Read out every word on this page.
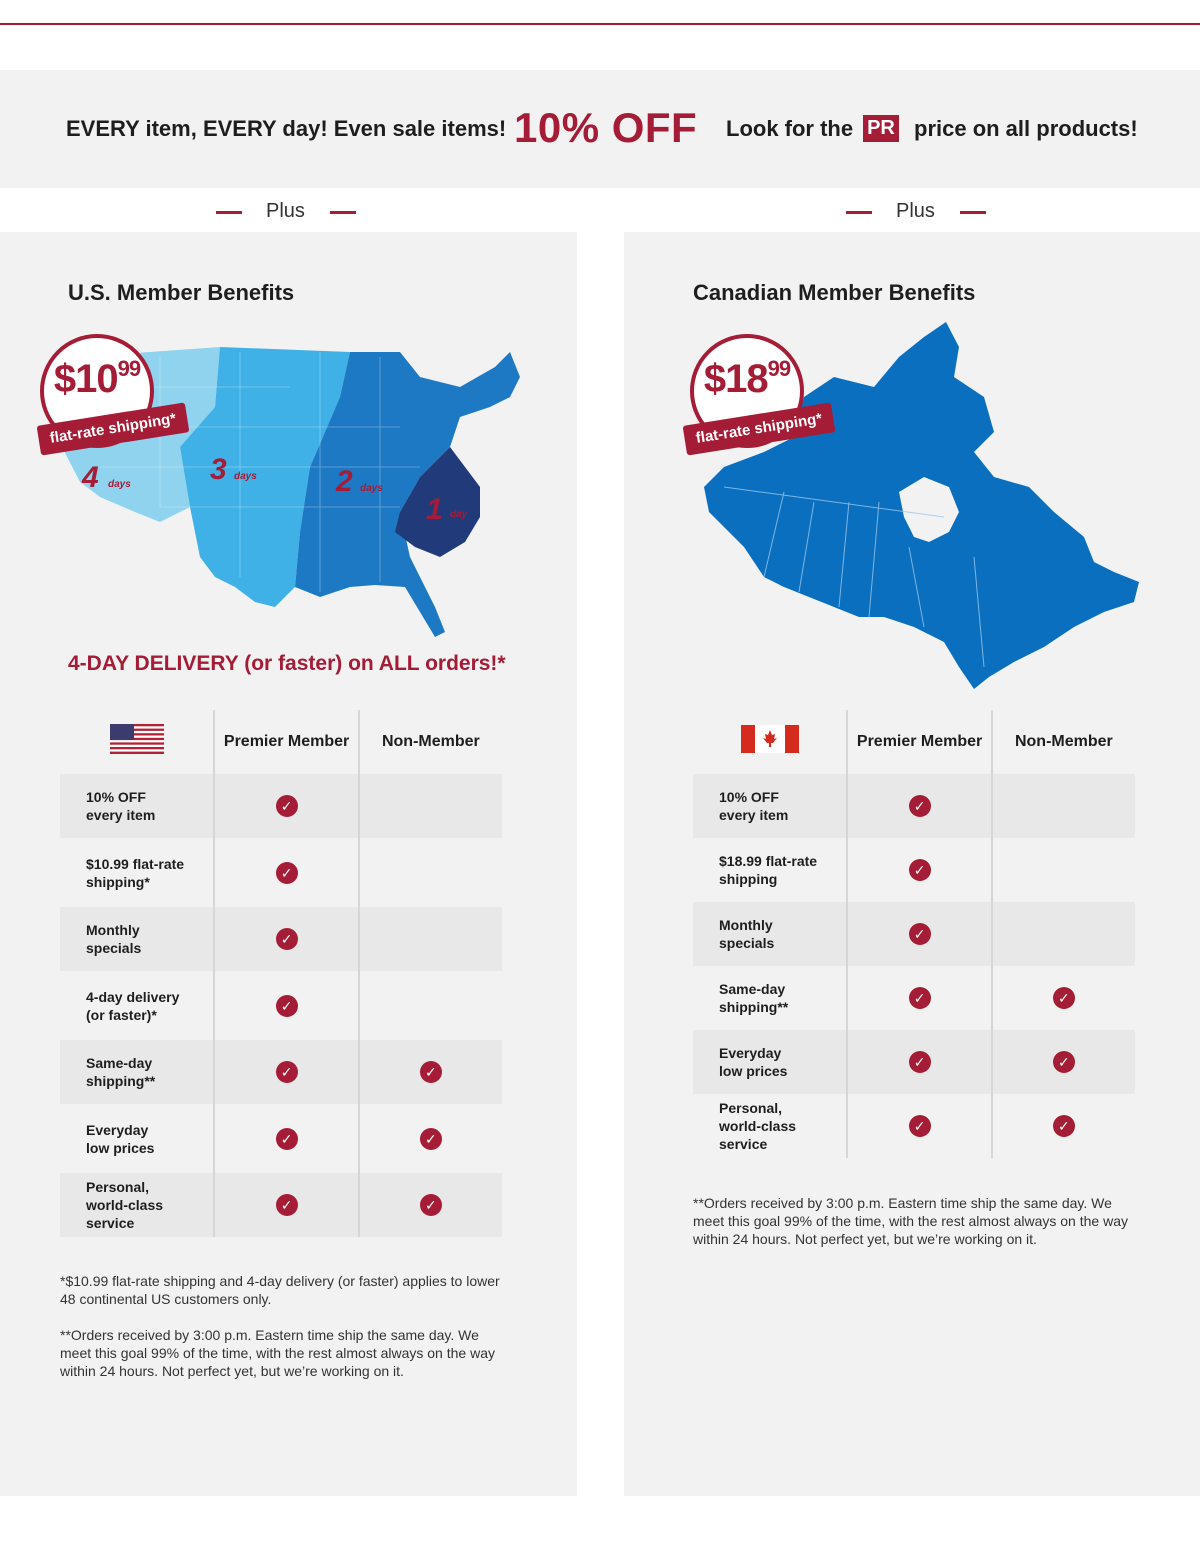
EVERY item, EVERY day! Even sale items! 10% OFF Look for the PR price on all products!
Plus	Plus
U.S. Member Benefits
4 days	3 days	2 days
1 day
$\$10^{99}$
flat-rate shipping*
4-DAY DELIVERY (or faster) on ALL orders!*
	Premier Member	Non-Member

10% OFF
every item	✓	

$10.99 flat-rate
shipping*	✓	

Monthly
specials	✓	

4-day delivery
(or faster)*	✓	

Same-day
shipping**	✓	✓

Everyday
low prices	✓	✓

Personal,
world-class
service	✓	✓
*$10.99 flat-rate shipping and 4-day delivery (or faster) applies to lower 48 continental US customers only.
**Orders received by 3:00 p.m. Eastern time ship the same day. We meet this goal 99% of the time, with the rest almost always on the way within 24 hours. Not perfect yet, but we’re working on it.
Canadian Member Benefits
$\$18^{99}$
flat-rate shipping*
	Premier Member	Non-Member

10% OFF
every item	✓	

$18.99 flat-rate
shipping	✓	

Monthly
specials	✓	

Same-day
shipping**	✓	✓

Everyday
low prices	✓	✓

Personal,
world-class
service	✓	✓
**Orders received by 3:00 p.m. Eastern time ship the same day. We meet this goal 99% of the time, with the rest almost always on the way within 24 hours. Not perfect yet, but we’re working on it.
